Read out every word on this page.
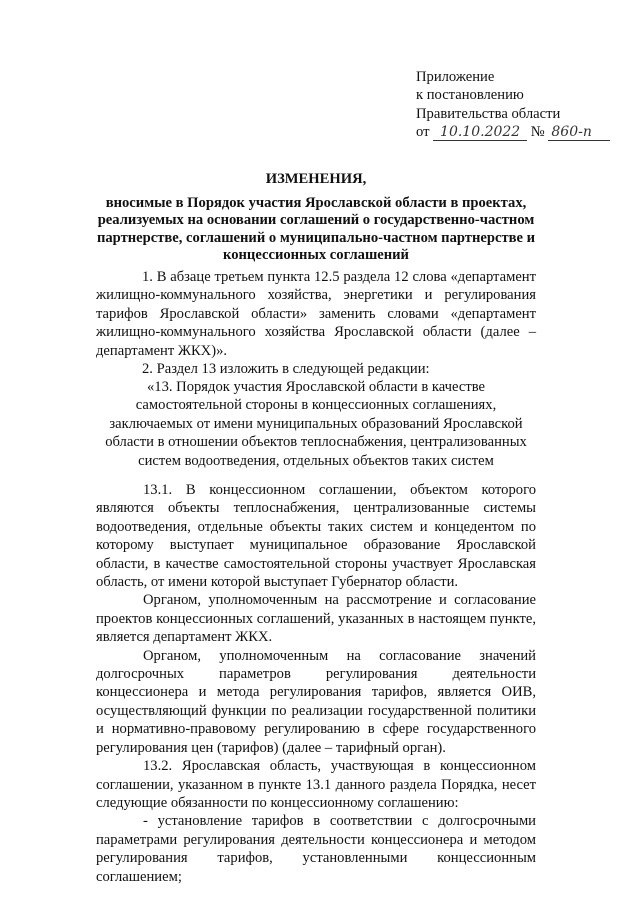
Приложение
к постановлению
Правительства области
от 10.10.2022 № 860-п
ИЗМЕНЕНИЯ,
вносимые в Порядок участия Ярославской области в проектах, реализуемых на основании соглашений о государственно-частном партнерстве, соглашений о муниципально-частном партнерстве и концессионных соглашений
1. В абзаце третьем пункта 12.5 раздела 12 слова «департамент жилищно-коммунального хозяйства, энергетики и регулирования тарифов Ярославской области» заменить словами «департамент жилищно-коммунального хозяйства Ярославской области (далее – департамент ЖКХ)».
2. Раздел 13 изложить в следующей редакции:
«13. Порядок участия Ярославской области в качестве самостоятельной стороны в концессионных соглашениях, заключаемых от имени муниципальных образований Ярославской области в отношении объектов теплоснабжения, централизованных систем водоотведения, отдельных объектов таких систем
13.1. В концессионном соглашении, объектом которого являются объекты теплоснабжения, централизованные системы водоотведения, отдельные объекты таких систем и концедентом по которому выступает муниципальное образование Ярославской области, в качестве самостоятельной стороны участвует Ярославская область, от имени которой выступает Губернатор области.
Органом, уполномоченным на рассмотрение и согласование проектов концессионных соглашений, указанных в настоящем пункте, является департамент ЖКХ.
Органом, уполномоченным на согласование значений долгосрочных параметров регулирования деятельности концессионера и метода регулирования тарифов, является ОИВ, осуществляющий функции по реализации государственной политики и нормативно-правовому регулированию в сфере государственного регулирования цен (тарифов) (далее – тарифный орган).
13.2. Ярославская область, участвующая в концессионном соглашении, указанном в пункте 13.1 данного раздела Порядка, несет следующие обязанности по концессионному соглашению:
- установление тарифов в соответствии с долгосрочными параметрами регулирования деятельности концессионера и методом регулирования тарифов, установленными концессионным соглашением;
